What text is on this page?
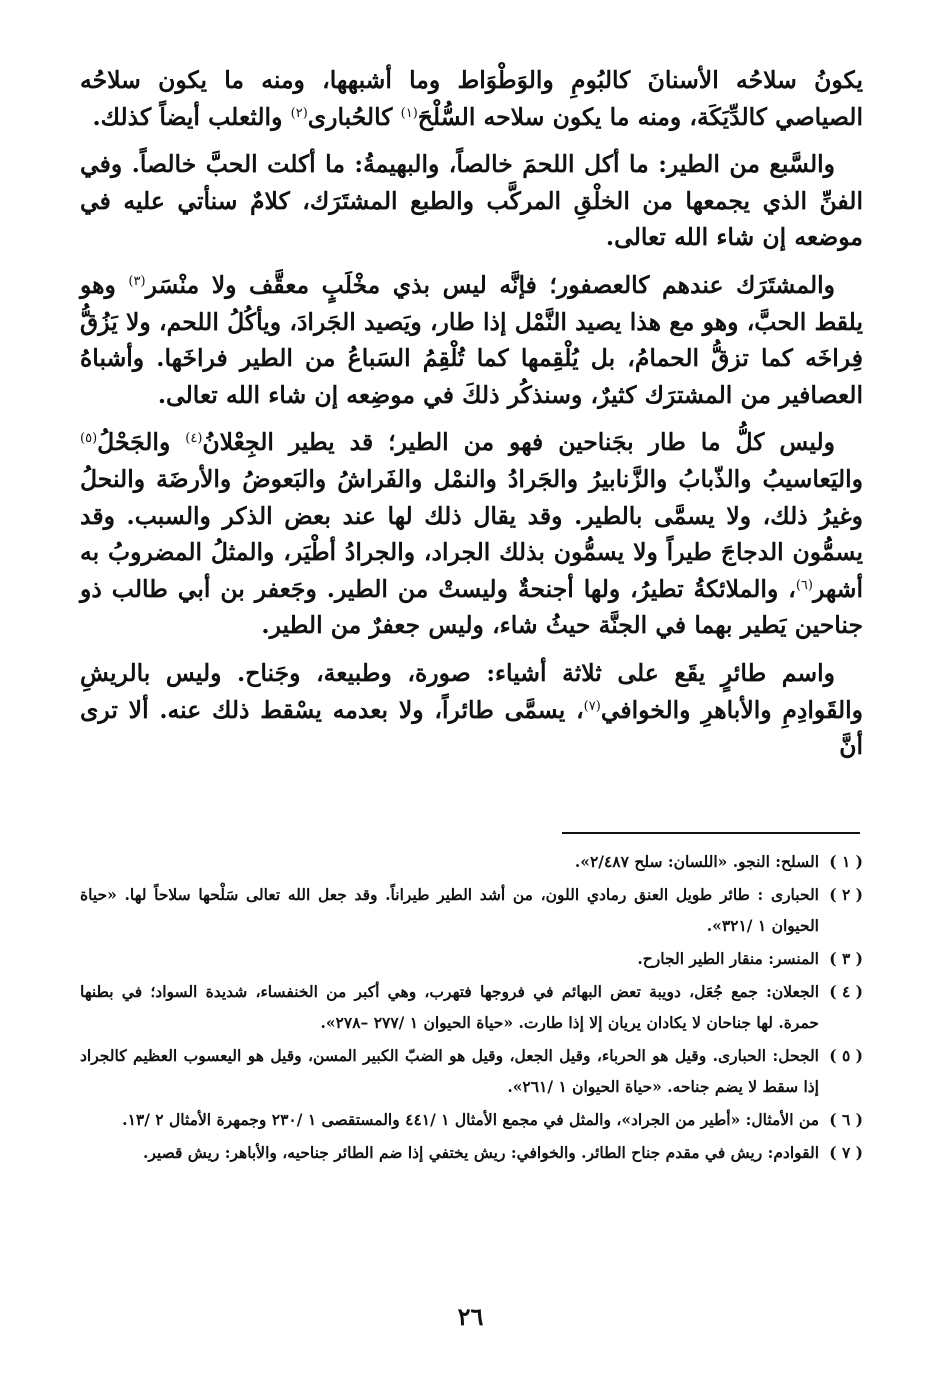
يكونُ سلاحُه الأسنانَ كالبُومِ والوَطْوَاط وما أشبهها، ومنه ما يكون سلاحُه الصياصي كالدِّيَكَة، ومنه ما يكون سلاحه السُّلْحَ$^{(١)}$ كالحُبارى$^{(٢)}$ والثعلب أيضاً كذلك.

والسَّبع من الطير: ما أكل اللحمَ خالصاً، والبهيمةُ: ما أكلت الحبَّ خالصاً. وفي الفنِّ الذي يجمعها من الخلْقِ المركَّب والطبع المشتَرَك، كلامٌ سنأتي عليه في موضعه إن شاء الله تعالى.

والمشتَرَك عندهم كالعصفور؛ فإنَّه ليس بذي مخْلَبٍ معقَّف ولا منْسَر$^{(٣)}$ وهو يلقط الحبَّ، وهو مع هذا يصيد النَّمْل إذا طار، ويَصيد الجَرادَ، ويأكُلُ اللحم، ولا يَزُقُّ فِراخَه كما تزقُّ الحمامُ، بل يُلْقِمها كما تُلْقِمُ السَباعُ من الطير فراخَها. وأشباهُ العصافير من المشترَك كثيرٌ، وسنذكُر ذلكَ في موضِعه إن شاء الله تعالى.

وليس كلُّ ما طار بجَناحين فهو من الطير؛ قد يطير الجِعْلانُ$^{(٤)}$ والجَحْلُ$^{(٥)}$ واليَعاسيبُ والذّبابُ والزَّنابيرُ والجَرادُ والنمْل والفَراشُ والبَعوضُ والأرضَة والنحلُ وغيرُ ذلك، ولا يسمَّى بالطير. وقد يقال ذلك لها عند بعض الذكر والسبب. وقد يسمُّون الدجاجَ طيراً ولا يسمُّون بذلك الجراد، والجرادُ أطْيَر، والمثلُ المضروبُ به أشهر$^{(٦)}$، والملائكةُ تطيرُ، ولها أجنحةٌ وليستْ من الطير. وجَعفر بن أبي طالب ذو جناحين يَطير بهما في الجنَّة حيثُ شاء، وليس جعفرٌ من الطير.

واسم طائرٍ يقَع على ثلاثة أشياء: صورة، وطبيعة، وجَناح. وليس بالريشِ والقَوادِمِ والأباهرِ والخوافي$^{(٧)}$، يسمَّى طائراً، ولا بعدمه يسْقط ذلك عنه. ألا ترى أنَّ

( ١ )
السلح: النجو. «اللسان: سلح ٢/٤٨٧».
( ٢ )
الحبارى : طائر طويل العنق رمادي اللون، من أشد الطير طيراناً. وقد جعل الله تعالى سَلْحها سلاحاً لها. «حياة الحيوان ١ /٣٢١».
( ٣ )
المنسر: منقار الطير الجارح.
( ٤ )
الجعلان: جمع جُعَل، دويبة تعض البهائم في فروجها فتهرب، وهي أكبر من الخنفساء، شديدة السواد؛ في بطنها حمرة. لها جناحان لا يكادان يريان إلا إذا طارت. «حياة الحيوان ١ /٢٧٧ –٢٧٨».
( ٥ )
الجحل: الحبارى. وقيل هو الحرباء، وقيل الجعل، وقيل هو الضبّ الكبير المسن، وقيل هو اليعسوب العظيم كالجراد إذا سقط لا يضم جناحه. «حياة الحيوان ١ /٢٦١».
( ٦ )
من الأمثال: «أطير من الجراد»، والمثل في مجمع الأمثال ١ /٤٤١ والمستقصى ١ /٢٣٠ وجمهرة الأمثال ٢ /١٣.
( ٧ )
القوادم: ريش في مقدم جناح الطائر. والخوافي: ريش يختفي إذا ضم الطائر جناحيه، والأباهر: ريش قصير.
٢٦
